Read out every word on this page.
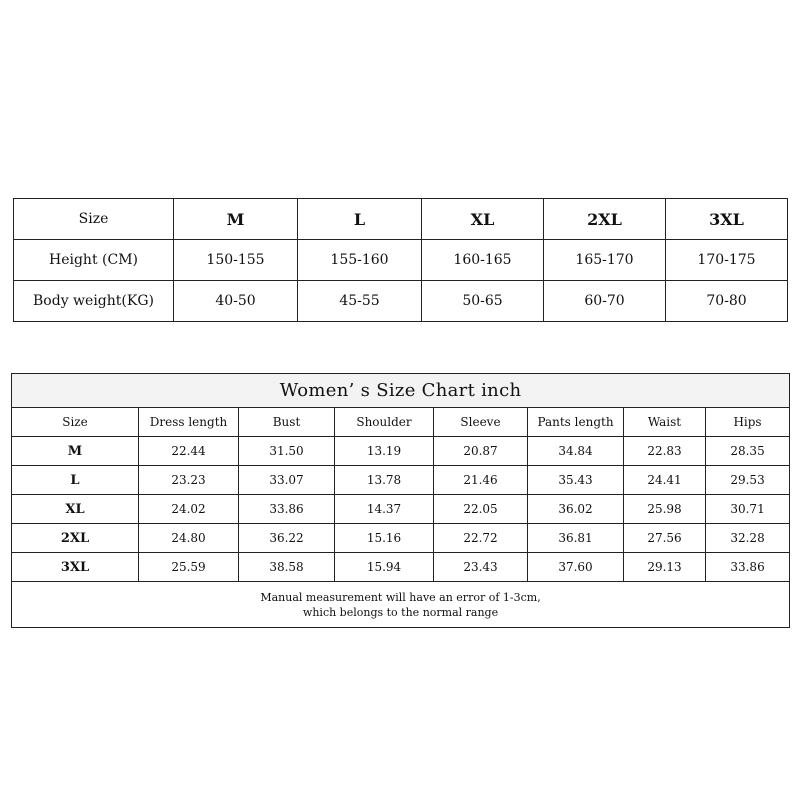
Size	M	L	XL	2XL	3XL
Height (CM)	150-155	155-160	160-165	165-170	170-175
Body weight(KG)	40-50	45-55	50-65	60-70	70-80
Women’ s Size Chart inch							
Size	Dress length	Bust	Shoulder	Sleeve	Pants length	Waist	Hips
M	22.44	31.50	13.19	20.87	34.84	22.83	28.35
L	23.23	33.07	13.78	21.46	35.43	24.41	29.53
XL	24.02	33.86	14.37	22.05	36.02	25.98	30.71
2XL	24.80	36.22	15.16	22.72	36.81	27.56	32.28
3XL	25.59	38.58	15.94	23.43	37.60	29.13	33.86

Manual measurement will have an error of 1-3cm,
which belongs to the normal range							
